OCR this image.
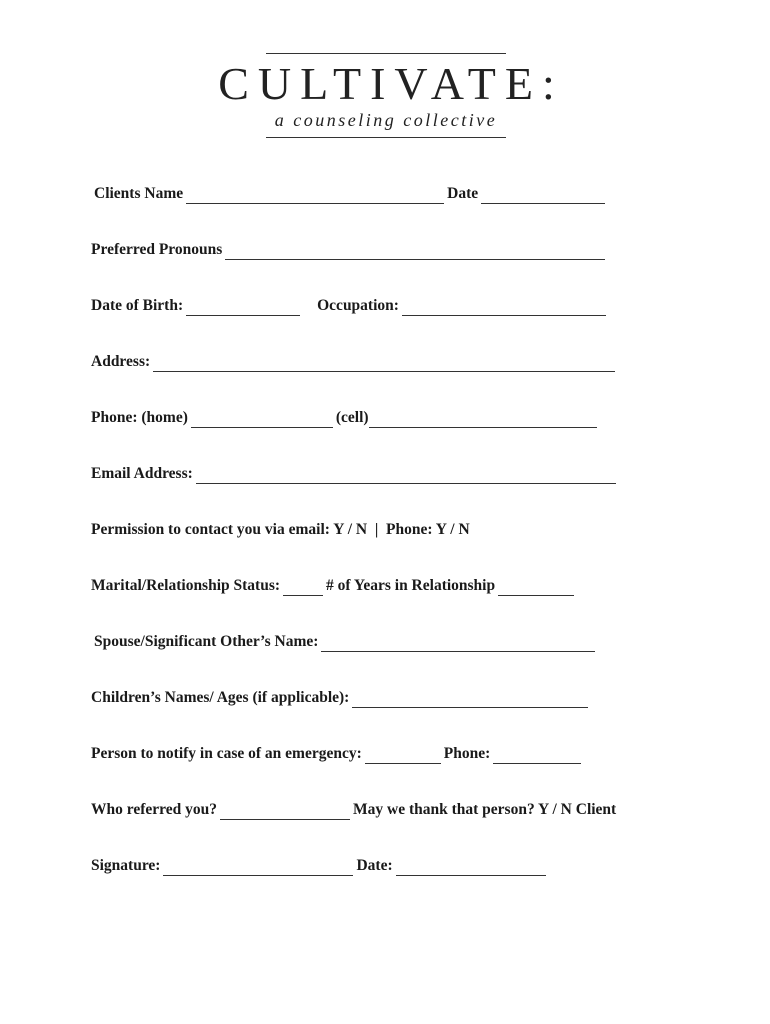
CULTIVATE:
a counseling collective
Clients Name	Date
Preferred Pronouns
Date of Birth:	Occupation:
Address:
Phone: (home)	(cell)
Email Address:
Permission to contact you via email: Y / N  |  Phone: Y / N
Marital/Relationship Status:	# of Years in Relationship
Spouse/Significant Other’s Name:
Children’s Names/ Ages (if applicable):
Person to notify in case of an emergency:	Phone:
Who referred you?	May we thank that person? Y / N Client
Signature:	Date:
